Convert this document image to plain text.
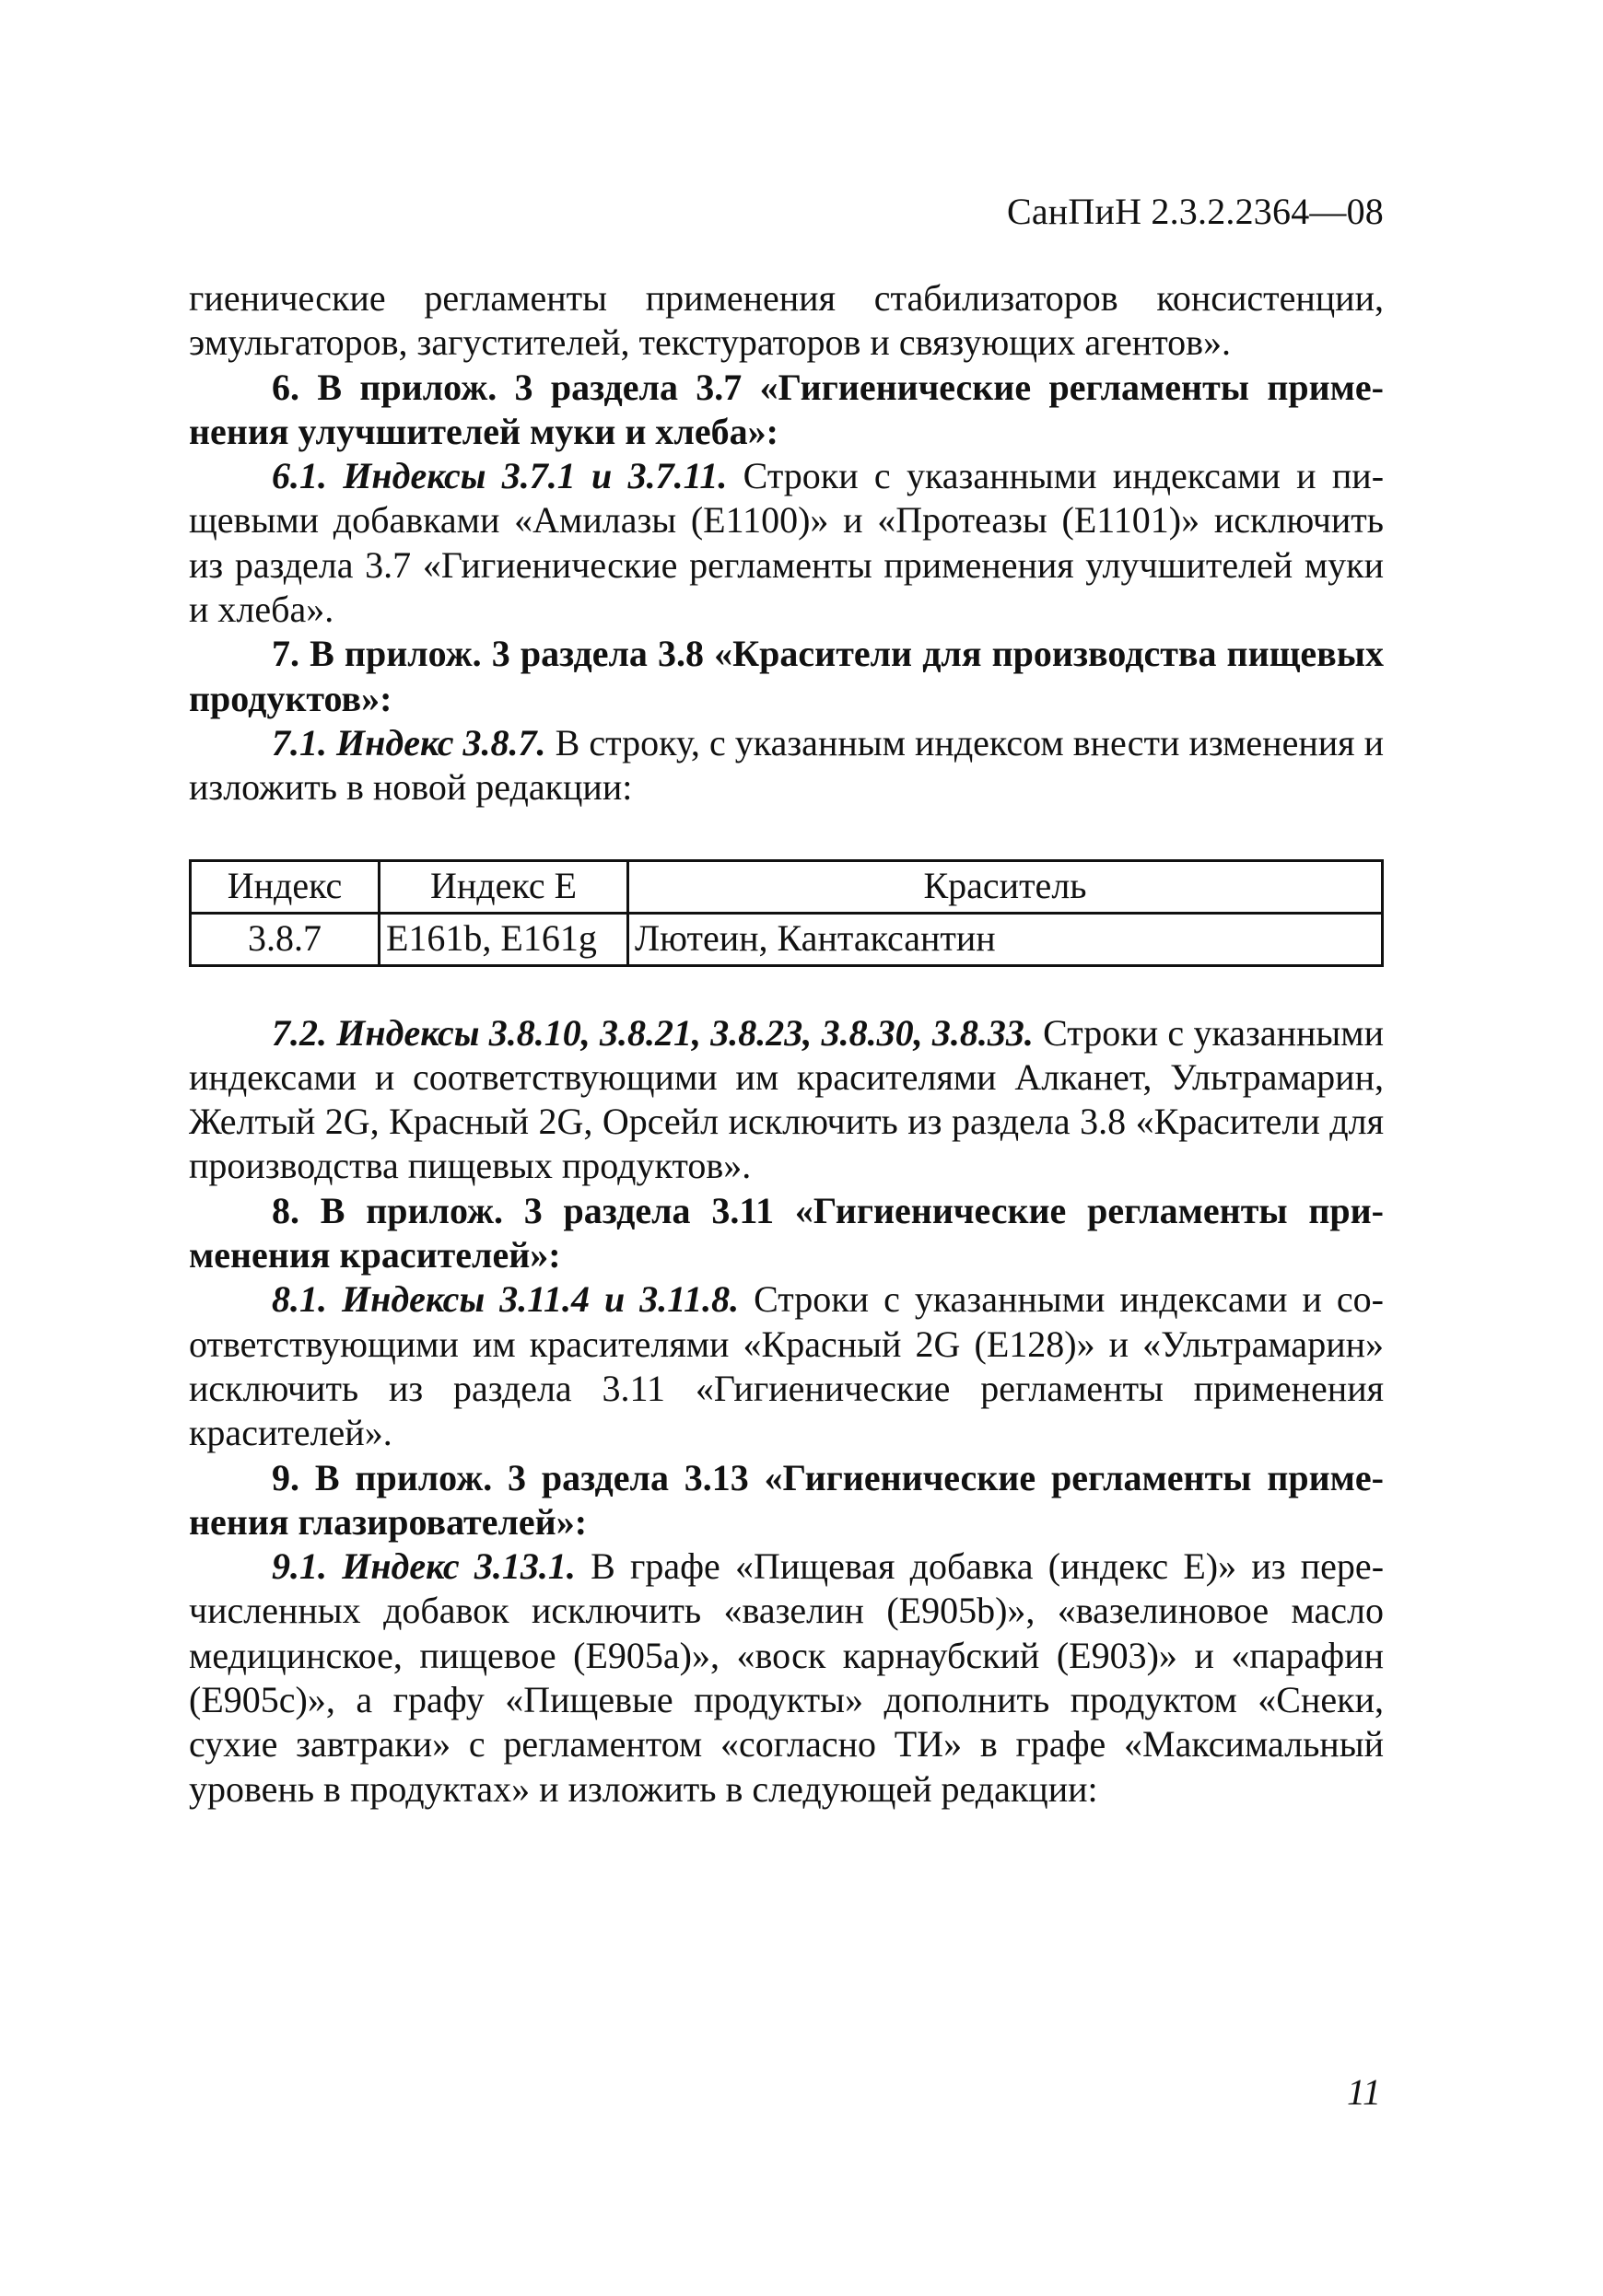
СанПиН 2.3.2.2364—08

гиенические регламенты применения стабилизаторов консистенции, эмульгаторов, загустителей, текстураторов и связующих агентов».

6. В прилож. 3 раздела 3.7 «Гигиенические регламенты применения улучшителей муки и хлеба»:

6.1. Индексы 3.7.1 и 3.7.11. Строки с указанными индексами и пищевыми добавками «Амилазы (E1100)» и «Протеазы (E1101)» исключить из раздела 3.7 «Гигиенические регламенты применения улучшителей муки и хлеба».

7. В прилож. 3 раздела 3.8 «Красители для производства пищевых продуктов»:

7.1. Индекс 3.8.7. В строку, с указанным индексом внести изменения и изложить в новой редакции:

Индекс	Индекс Е	Краситель
3.8.7	E161b, E161g	Лютеин, Кантаксантин

7.2. Индексы 3.8.10, 3.8.21, 3.8.23, 3.8.30, 3.8.33. Строки с указанными индексами и соответствующими им красителями Алканет, Ультрамарин, Желтый 2G, Красный 2G, Орсейл исключить из раздела 3.8 «Красители для производства пищевых продуктов».

8. В прилож. 3 раздела 3.11 «Гигиенические регламенты применения красителей»:

8.1. Индексы 3.11.4 и 3.11.8. Строки с указанными индексами и соответствующими им красителями «Красный 2G (E128)» и «Ультрамарин» исключить из раздела 3.11 «Гигиенические регламенты применения красителей».

9. В прилож. 3 раздела 3.13 «Гигиенические регламенты применения глазирователей»:

9.1. Индекс 3.13.1. В графе «Пищевая добавка (индекс Е)» из перечисленных добавок исключить «вазелин (E905b)», «вазелиновое масло медицинское, пищевое (E905a)», «воск карнаубский (E903)» и «парафин (E905c)», а графу «Пищевые продукты» дополнить продуктом «Снеки, сухие завтраки» с регламентом «согласно ТИ» в графе «Максимальный уровень в продуктах» и изложить в следующей редакции:

11
